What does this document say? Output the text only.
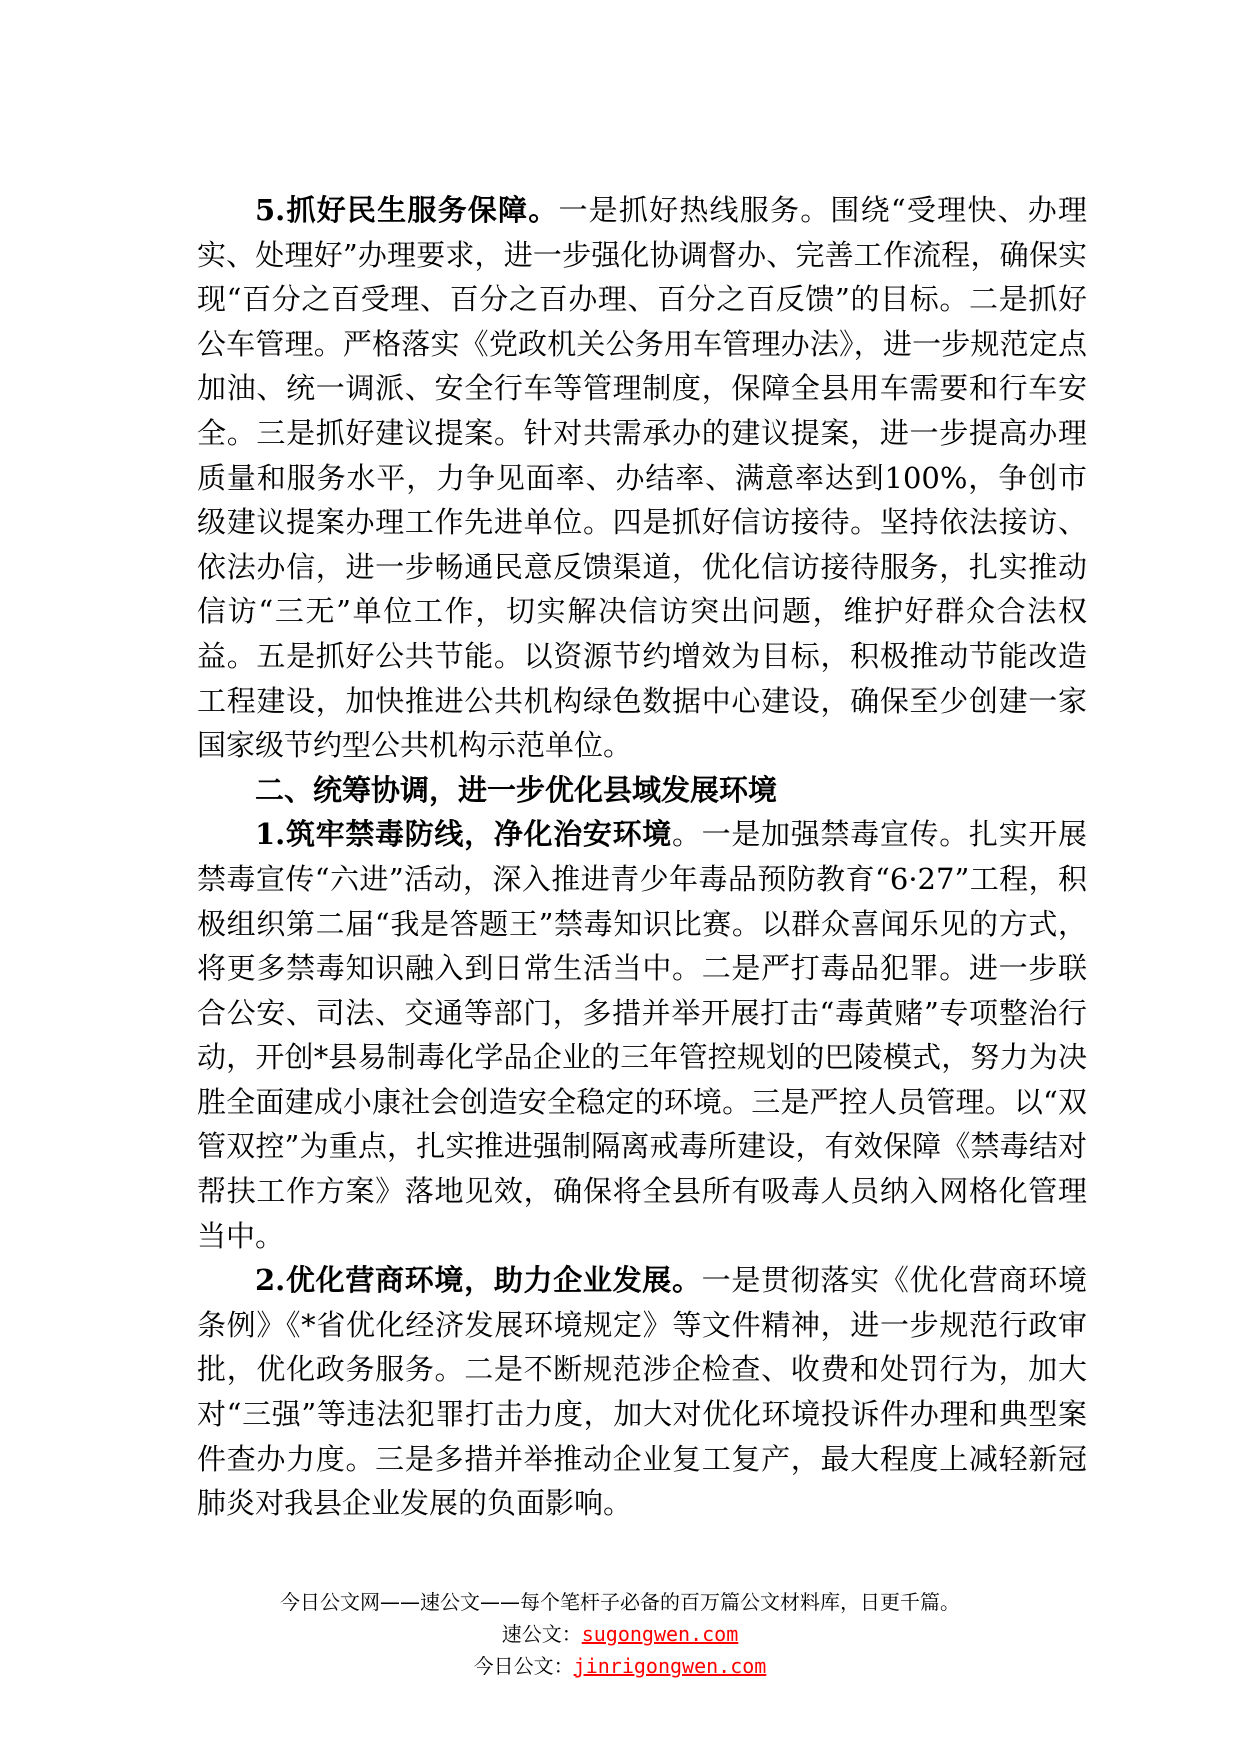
5.抓好民生服务保障。一是抓好热线服务。围绕“受理快、办理实、处理好”办理要求，进一步强化协调督办、完善工作流程，确保实现“百分之百受理、百分之百办理、百分之百反馈”的目标。二是抓好公车管理。严格落实《党政机关公务用车管理办法》，进一步规范定点加油、统一调派、安全行车等管理制度，保障全县用车需要和行车安全。三是抓好建议提案。针对共需承办的建议提案，进一步提高办理质量和服务水平，力争见面率、办结率、满意率达到100%，争创市级建议提案办理工作先进单位。四是抓好信访接待。坚持依法接访、依法办信，进一步畅通民意反馈渠道，优化信访接待服务，扎实推动信访“三无”单位工作，切实解决信访突出问题，维护好群众合法权益。五是抓好公共节能。以资源节约增效为目标，积极推动节能改造工程建设，加快推进公共机构绿色数据中心建设，确保至少创建一家国家级节约型公共机构示范单位。

二、统筹协调，进一步优化县域发展环境

1.筑牢禁毒防线，净化治安环境。一是加强禁毒宣传。扎实开展禁毒宣传“六进”活动，深入推进青少年毒品预防教育“6·27”工程，积极组织第二届“我是答题王”禁毒知识比赛。以群众喜闻乐见的方式，将更多禁毒知识融入到日常生活当中。二是严打毒品犯罪。进一步联合公安、司法、交通等部门，多措并举开展打击“毒黄赌”专项整治行动，开创*县易制毒化学品企业的三年管控规划的巴陵模式，努力为决胜全面建成小康社会创造安全稳定的环境。三是严控人员管理。以“双管双控”为重点，扎实推进强制隔离戒毒所建设，有效保障《禁毒结对帮扶工作方案》落地见效，确保将全县所有吸毒人员纳入网格化管理当中。

2.优化营商环境，助力企业发展。一是贯彻落实《优化营商环境条例》《*省优化经济发展环境规定》等文件精神，进一步规范行政审批，优化政务服务。二是不断规范涉企检查、收费和处罚行为，加大对“三强”等违法犯罪打击力度，加大对优化环境投诉件办理和典型案件查办力度。三是多措并举推动企业复工复产，最大程度上减轻新冠肺炎对我县企业发展的负面影响。

今日公文网——速公文——每个笔杆子必备的百万篇公文材料库，日更千篇。
速公文：sugongwen.com
今日公文：jinrigongwen.com
